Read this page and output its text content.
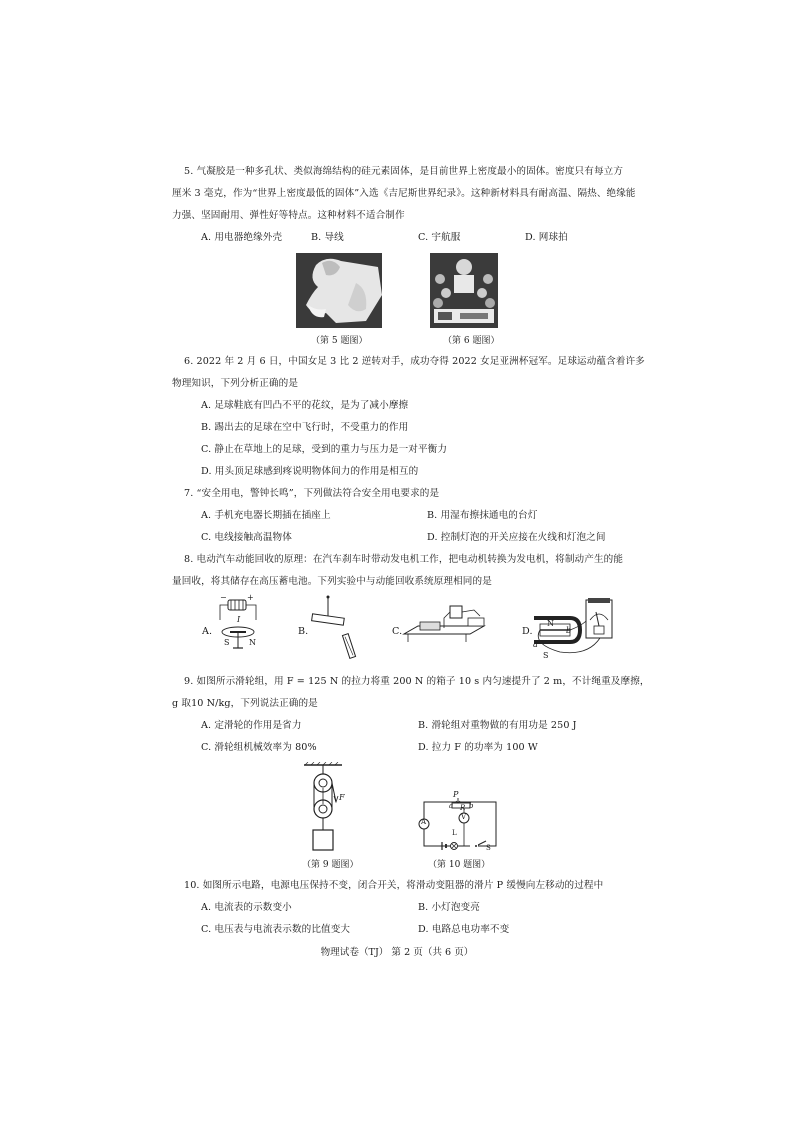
5. 气凝胶是一种多孔状、类似海绵结构的硅元素固体，是目前世界上密度最小的固体。密度只有每立方
厘米 3 毫克，作为“世界上密度最低的固体”入选《吉尼斯世界纪录》。这种新材料具有耐高温、隔热、绝缘能
力强、坚固耐用、弹性好等特点。这种材料不适合制作
A. 用电器绝缘外壳	B. 导线	C. 宇航服	D. 网球拍
（第 5 题图）	（第 6 题图）
6. 2022 年 2 月 6 日，中国女足 3 比 2 逆转对手，成功夺得 2022 女足亚洲杯冠军。足球运动蕴含着许多
物理知识，下列分析正确的是
A. 足球鞋底有凹凸不平的花纹，是为了减小摩擦
B. 踢出去的足球在空中飞行时，不受重力的作用
C. 静止在草地上的足球，受到的重力与压力是一对平衡力
D. 用头顶足球感到疼说明物体间力的作用是相互的
7. “安全用电，警钟长鸣”，下列做法符合安全用电要求的是
A. 手机充电器长期插在插座上	B. 用湿布擦抹通电的台灯
C. 电线接触高温物体	D. 控制灯泡的开关应接在火线和灯泡之间
8. 电动汽车动能回收的原理：在汽车刹车时带动发电机工作，把电动机转换为发电机，将制动产生的能
量回收，将其储存在高压蓄电池。下列实验中与动能回收系统原理相同的是
A.
−	+
I
S N
B.	C.	D.
N
S
a
b
9. 如图所示滑轮组，用 F = 125 N 的拉力将重 200 N 的箱子 10 s 内匀速提升了 2 m，不计绳重及摩擦，
g 取10 N/kg，下列说法正确的是
A. 定滑轮的作用是省力	B. 滑轮组对重物做的有用功是 250 J
C. 滑轮组机械效率为 80%	D. 拉力 F 的功率为 100 W
F
（第 9 题图）
P
a R b
A
V
L
S
（第 10 题图）
10. 如图所示电路，电源电压保持不变，闭合开关，将滑动变阻器的滑片 P 缓慢向左移动的过程中
A. 电流表的示数变小	B. 小灯泡变亮
C. 电压表与电流表示数的比值变大	D. 电路总电功率不变
物理试卷（TJ） 第 2 页（共 6 页）
